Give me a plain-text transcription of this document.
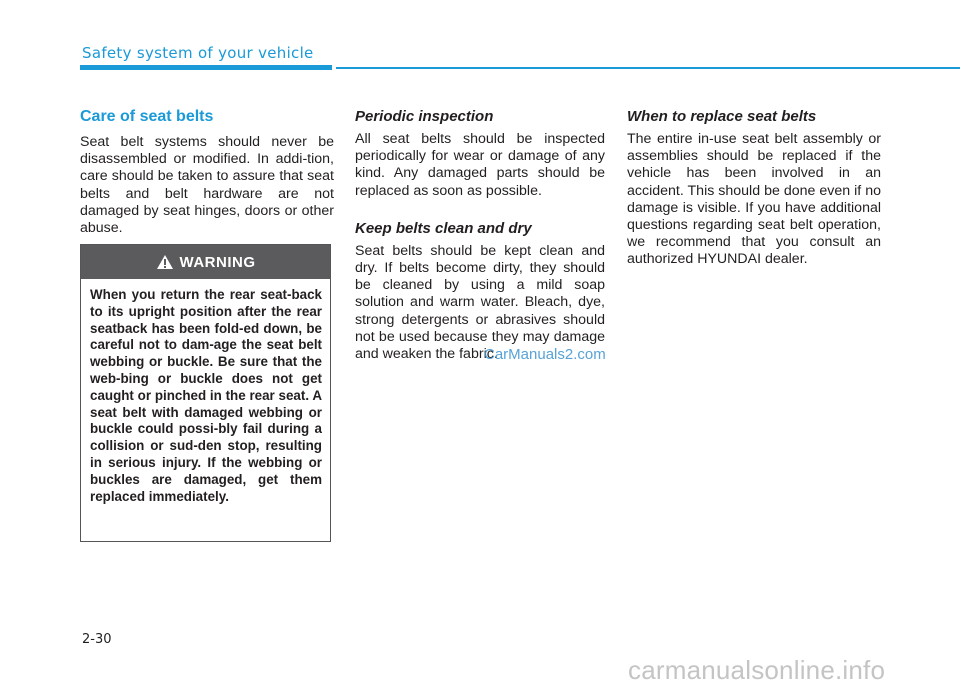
Safety system of your vehicle
Care of seat belts

Seat belt systems should never be disassembled or modified. In addi-tion, care should be taken to assure that seat belts and belt hardware are not damaged by seat hinges, doors or other abuse.

WARNING
When you return the rear seat-back to its upright position after the rear seatback has been fold-ed down, be careful not to dam-age the seat belt webbing or buckle. Be sure that the web-bing or buckle does not get caught or pinched in the rear seat. A seat belt with damaged webbing or buckle could possi-bly fail during a collision or sud-den stop, resulting in serious injury. If the webbing or buckles are damaged, get them replaced immediately.
Periodic inspection

All seat belts should be inspected periodically for wear or damage of any kind. Any damaged parts should be replaced as soon as possible.

Keep belts clean and dry

Seat belts should be kept clean and dry. If belts become dirty, they should be cleaned by using a mild soap solution and warm water. Bleach, dye, strong detergents or abrasives should not be used because they may damage and weaken the fabric.

When to replace seat belts

The entire in-use seat belt assembly or assemblies should be replaced if the vehicle has been involved in an accident. This should be done even if no damage is visible. If you have additional questions regarding seat belt operation, we recommend that you consult an authorized HYUNDAI dealer.

CarManuals2.com
2-30
carmanualsonline.info
